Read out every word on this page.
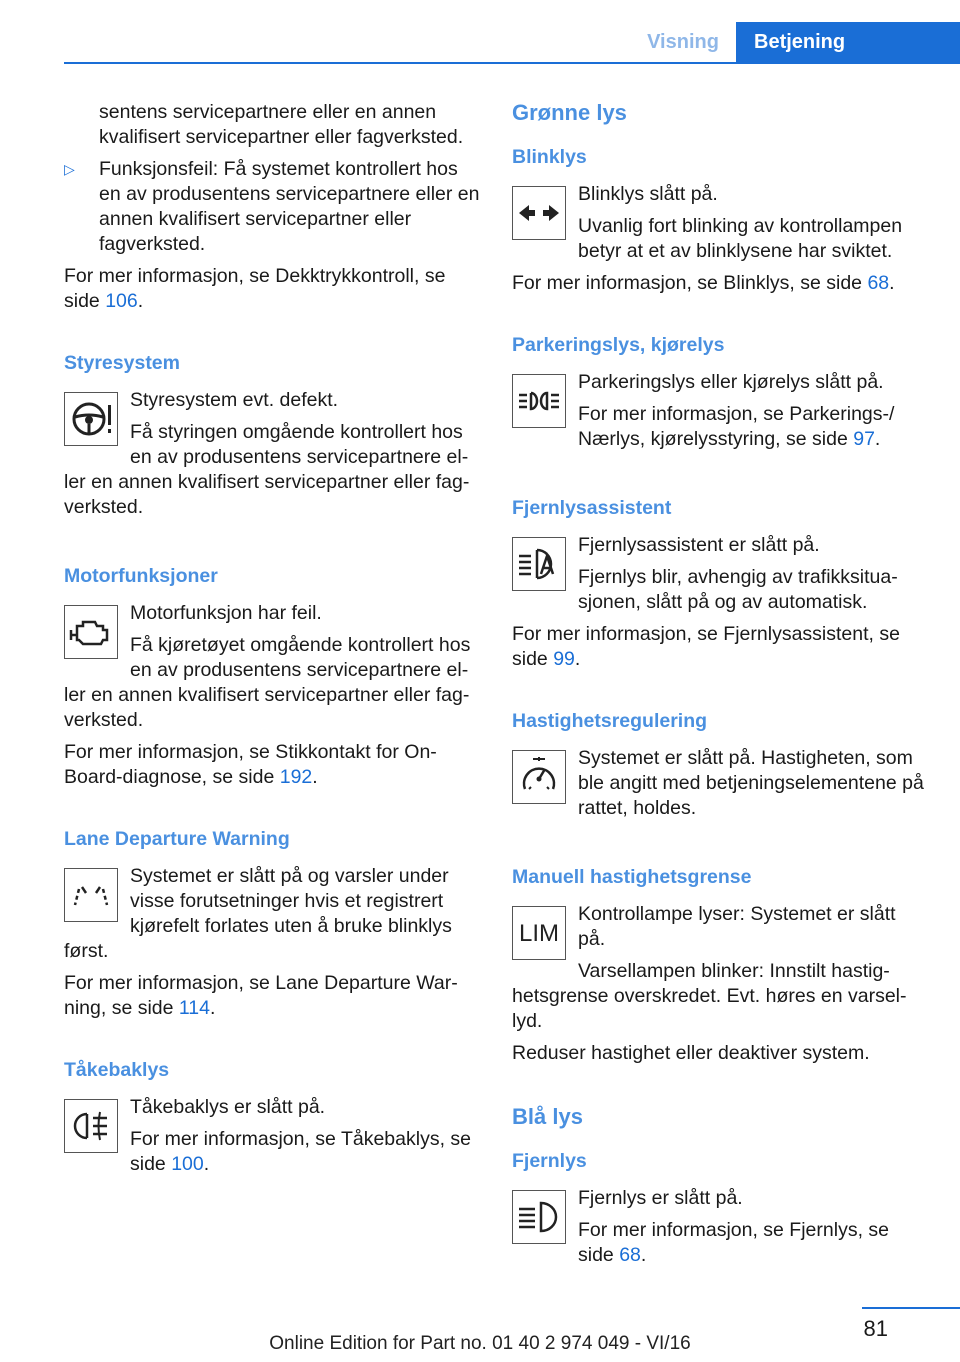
Visning	Betjening

sentens servicepartnere eller en annen kvalifisert servicepartner eller fagverksted.

▷ Funksjonsfeil: Få systemet kontrollert hos en av produsentens servicepartnere eller en annen kvalifisert servicepartner eller fagverksted.

For mer informasjon, se Dekktrykkontroll, se side 106.

Styresystem

Styresystem evt. defekt.

Få styringen omgående kontrollert hos en av produsentens servicepartnere el‐ ler en annen kvalifisert servicepartner eller fag‐ verksted.

Motorfunksjoner

Motorfunksjon har feil.

Få kjøretøyet omgående kontrollert hos en av produsentens servicepartnere el‐ ler en annen kvalifisert servicepartner eller fag‐ verksted.

For mer informasjon, se Stikkontakt for On- Board-diagnose, se side 192.

Lane Departure Warning

Systemet er slått på og varsler under visse forutsetninger hvis et registrert kjørefelt forlates uten å bruke blinklys først.

For mer informasjon, se Lane Departure War‐ ning, se side 114.

Tåkebaklys

Tåkebaklys er slått på.

For mer informasjon, se Tåkebaklys, se side 100.

Grønne lys
Blinklys

Blinklys slått på.

Uvanlig fort blinking av kontrollampen betyr at et av blinklysene har sviktet.

For mer informasjon, se Blinklys, se side 68.

Parkeringslys, kjørelys

Parkeringslys eller kjørelys slått på.

For mer informasjon, se Parkerings-/ Nærlys, kjørelysstyring, se side 97.

Fjernlysassistent

Fjernlysassistent er slått på.

Fjernlys blir, avhengig av trafikksitua‐ sjonen, slått på og av automatisk.

For mer informasjon, se Fjernlysassistent, se side 99.

Hastighetsregulering

Systemet er slått på. Hastigheten, som ble angitt med betjeningselementene på rattet, holdes.

Manuell hastighetsgrense
LIM

Kontrollampe lyser: Systemet er slått på.

Varsellampen blinker: Innstilt hastig‐ hetsgrense overskredet. Evt. høres en varsel‐ lyd.

Reduser hastighet eller deaktiver system.

Blå lys
Fjernlys

Fjernlys er slått på.

For mer informasjon, se Fjernlys, se side 68.

81
Online Edition for Part no. 01 40 2 974 049 - VI/16
